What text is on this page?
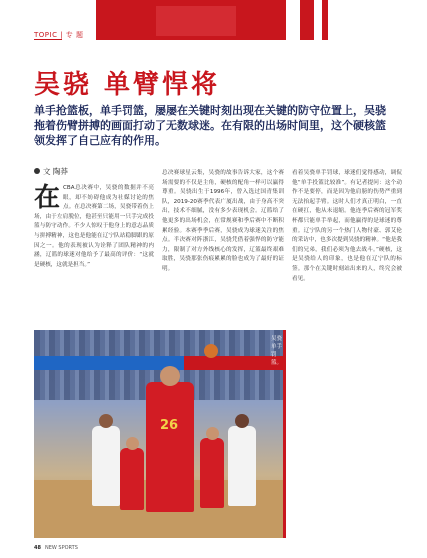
TOPIC | 专 题
吴骁 单臂悍将

单手抢篮板，单手罚篮，屡屡在关键时刻出现在关键的防守位置上，吴骁拖着伤臂拼搏的画面打动了无数球迷。在有限的出场时间里，这个硬核篮领发挥了自己应有的作用。

文 陶莽
在 CBA总决赛中，吴骁的数据并不亮眼，却不妨碍他成为社媒讨论的焦点。在总决赛第二场，吴骁带着伤上场，由于左肩脱位，他甚至只能用一只手完成投篮与防守动作。不少人惊叹于他身上的意志品质与拼搏精神，这也是他能在辽宁队站稳脚跟的原因之一。他的表现被认为诠释了团队精神的内涵，辽篮的球迷对他给予了最高的评价：“这就是硬核，这就是担当。”
总决赛球星云集，吴骁的故事告诉大家，这个赛场需要的不仅是主角，硬核的配角一样可以赢得尊重。吴骁出生于1996年，曾入选过国青集训队，2019-20赛季代表广厦出战，由于身高不突出，技术不细腻，没有多少表现机会。辽篮给了他更多的出场机会，在常规赛和季后赛中不断积累经验。本赛季季后赛，吴骁成为球迷关注的焦点。半决赛对阵浙江，吴骁凭借着强悍的防守能力，限制了对方外线核心的发挥，辽篮最终艰难取胜，吴骁那张伤痕累累的脸也成为了最好的证明。
看着吴骁单手罚球，球迷们觉得感动，调侃他“单手投篮比较准”。有记者提问：这个动作不是要停，而是因为他肩膀的伤势严重到无法抬起手臂。这时人们才真正明白，一直在硬扛，他从未退缩。他连季后赛的冠军奖杯都只能单手举起，而他赢得的是球迷的尊重。辽宁队的另一个热门人物付豪、郭艾伦的采访中，也多次提到吴骁的精神。“他是我们的兄弟，我们必须为他去战斗。”硬核，这是吴骁给人的印象，也是他在辽宁队的标签。那个在关键时刻站出来的人，终究会被看见。
26
吴骁单手罚篮。
48 NEW SPORTS
